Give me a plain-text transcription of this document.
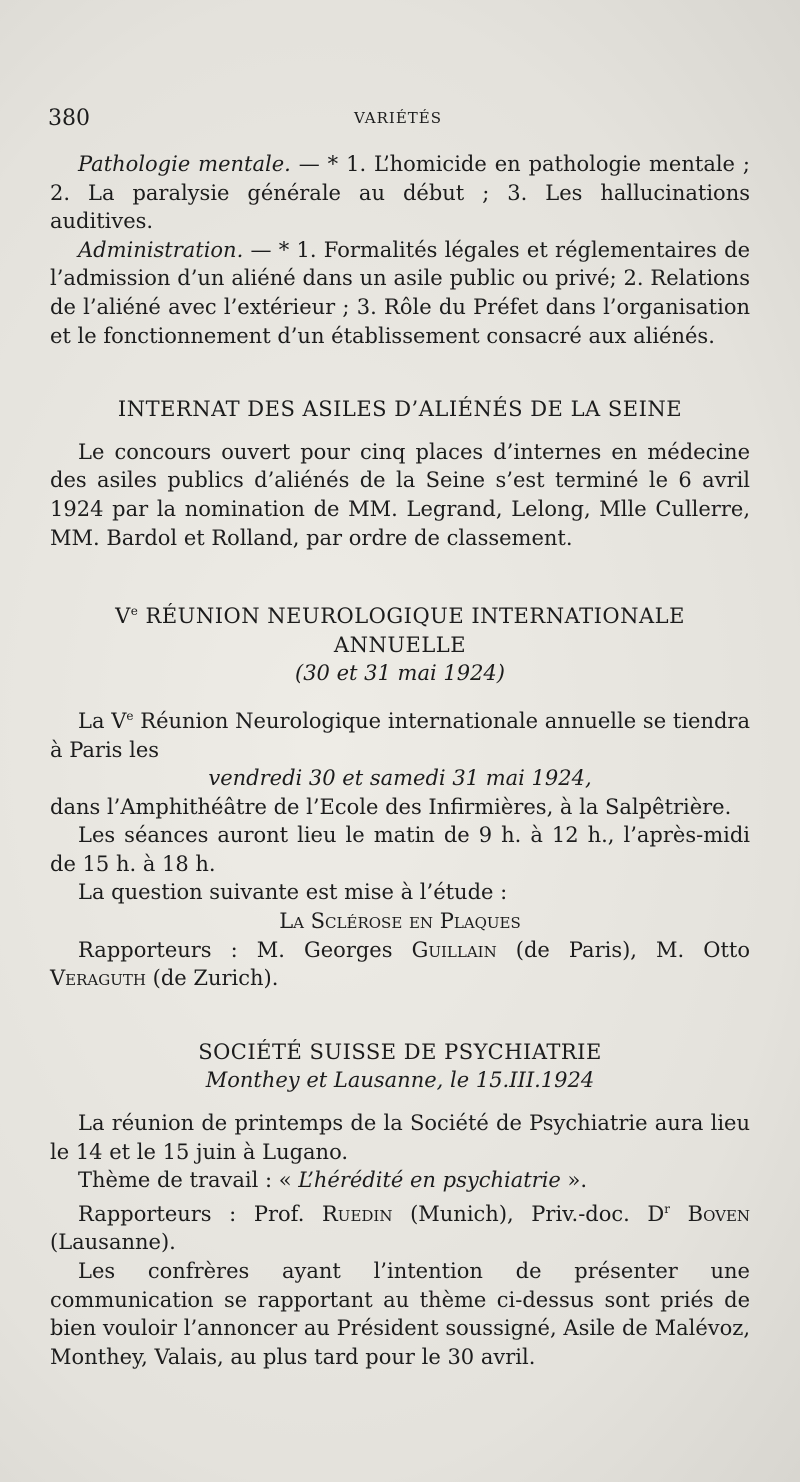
380	VARIÉTÉS

Pathologie mentale. — * 1. L’homicide en pathologie mentale ; 2. La paralysie générale au début ; 3. Les hallucinations auditives.

Administration. — * 1. Formalités légales et réglementaires de l’admission d’un aliéné dans un asile public ou privé; 2. Relations de l’aliéné avec l’extérieur ; 3. Rôle du Préfet dans l’organisation et le fonctionnement d’un établissement consacré aux aliénés.

INTERNAT DES ASILES D’ALIÉNÉS DE LA SEINE

Le concours ouvert pour cinq places d’internes en médecine des asiles publics d’aliénés de la Seine s’est terminé le 6 avril 1924 par la nomination de MM. Legrand, Lelong, Mlle Cullerre, MM. Bardol et Rolland, par ordre de classement.

Ve RÉUNION NEUROLOGIQUE INTERNATIONALE

ANNUELLE

(30 et 31 mai 1924)

La Ve Réunion Neurologique internationale annuelle se tiendra à Paris les

vendredi 30 et samedi 31 mai 1924,

dans l’Amphithéâtre de l’Ecole des Infirmières, à la Salpêtrière.

Les séances auront lieu le matin de 9 h. à 12 h., l’après-midi de 15 h. à 18 h.

La question suivante est mise à l’étude :

La Sclérose en Plaques

Rapporteurs : M. Georges Guillain (de Paris), M. Otto Veraguth (de Zurich).

SOCIÉTÉ SUISSE DE PSYCHIATRIE

Monthey et Lausanne, le 15.III.1924

La réunion de printemps de la Société de Psychiatrie aura lieu le 14 et le 15 juin à Lugano.

Thème de travail : « L’hérédité en psychiatrie ».

Rapporteurs : Prof. Ruedin (Munich), Priv.-doc. $D^r$ Boven (Lausanne).

Les confrères ayant l’intention de présenter une communication se rapportant au thème ci-dessus sont priés de bien vouloir l’annoncer au Président soussigné, Asile de Malévoz, Monthey, Valais, au plus tard pour le 30 avril.
